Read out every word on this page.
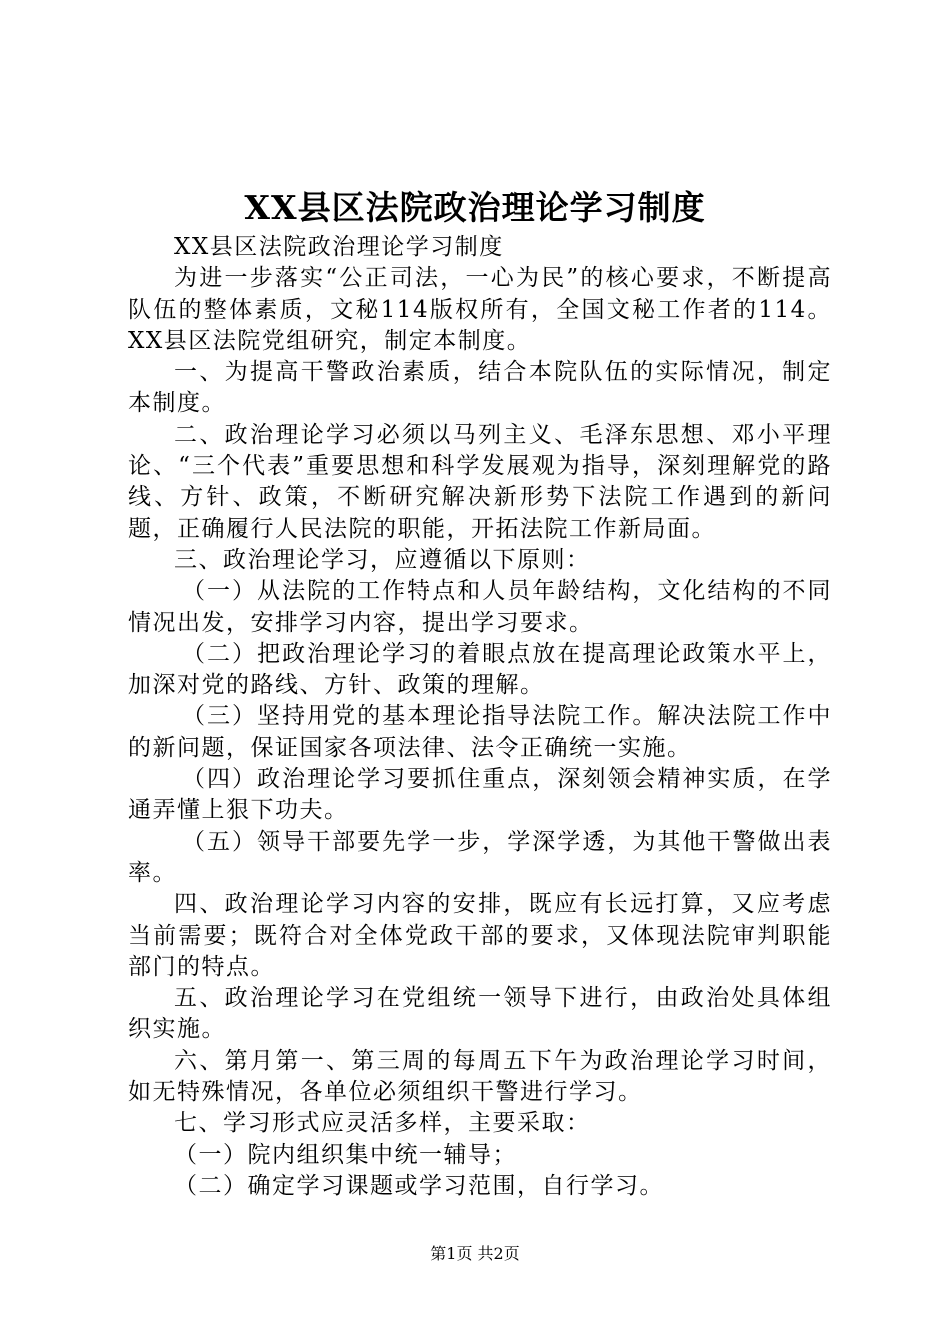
XX县区法院政治理论学习制度

XX县区法院政治理论学习制度

为进一步落实“公正司法，一心为民”的核心要求，不断提高队伍的整体素质，文秘114版权所有，全国文秘工作者的114。XX县区法院党组研究，制定本制度。

一、为提高干警政治素质，结合本院队伍的实际情况，制定本制度。

二、政治理论学习必须以马列主义、毛泽东思想、邓小平理论、“三个代表”重要思想和科学发展观为指导，深刻理解党的路线、方针、政策，不断研究解决新形势下法院工作遇到的新问题，正确履行人民法院的职能，开拓法院工作新局面。

三、政治理论学习，应遵循以下原则：

（一）从法院的工作特点和人员年龄结构，文化结构的不同情况出发，安排学习内容，提出学习要求。

（二）把政治理论学习的着眼点放在提高理论政策水平上，加深对党的路线、方针、政策的理解。

（三）坚持用党的基本理论指导法院工作。解决法院工作中的新问题，保证国家各项法律、法令正确统一实施。

（四）政治理论学习要抓住重点，深刻领会精神实质，在学通弄懂上狠下功夫。

（五）领导干部要先学一步，学深学透，为其他干警做出表率。

四、政治理论学习内容的安排，既应有长远打算，又应考虑当前需要；既符合对全体党政干部的要求，又体现法院审判职能部门的特点。

五、政治理论学习在党组统一领导下进行，由政治处具体组织实施。

六、第月第一、第三周的每周五下午为政治理论学习时间，如无特殊情况，各单位必须组织干警进行学习。

七、学习形式应灵活多样，主要采取：

（一）院内组织集中统一辅导；

（二）确定学习课题或学习范围，自行学习。

第1页 共2页
